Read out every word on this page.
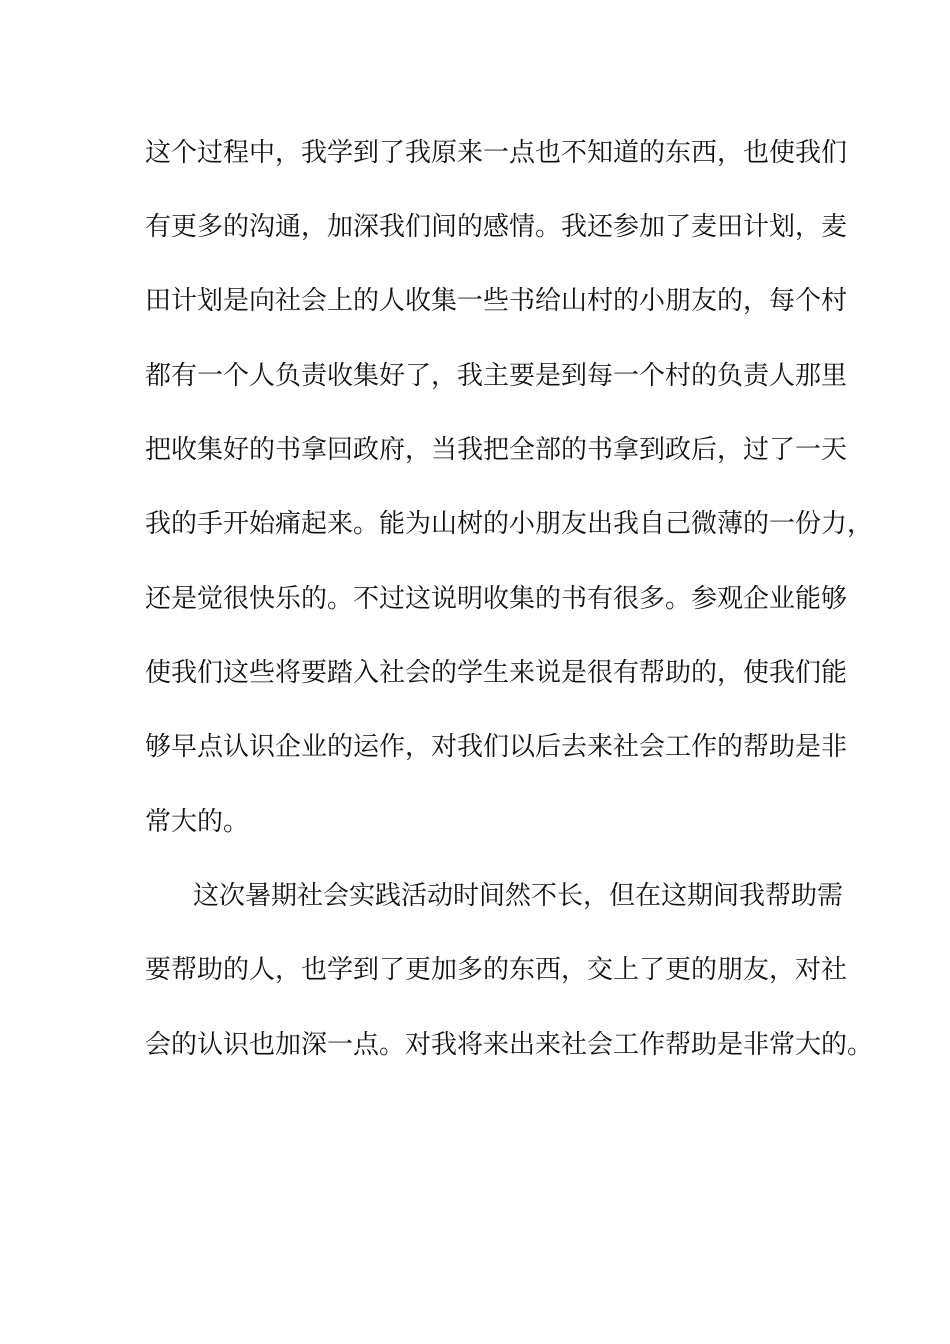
这个过程中，我学到了我原来一点也不知道的东西，也使我们
有更多的沟通，加深我们间的感情。我还参加了麦田计划，麦
田计划是向社会上的人收集一些书给山村的小朋友的，每个村
都有一个人负责收集好了，我主要是到每一个村的负责人那里
把收集好的书拿回政府，当我把全部的书拿到政后，过了一天
我的手开始痛起来。能为山树的小朋友出我自己微薄的一份力，
还是觉很快乐的。不过这说明收集的书有很多。参观企业能够
使我们这些将要踏入社会的学生来说是很有帮助的，使我们能
够早点认识企业的运作，对我们以后去来社会工作的帮助是非
常大的。
这次暑期社会实践活动时间然不长，但在这期间我帮助需
要帮助的人，也学到了更加多的东西，交上了更的朋友，对社
会的认识也加深一点。对我将来出来社会工作帮助是非常大的。
